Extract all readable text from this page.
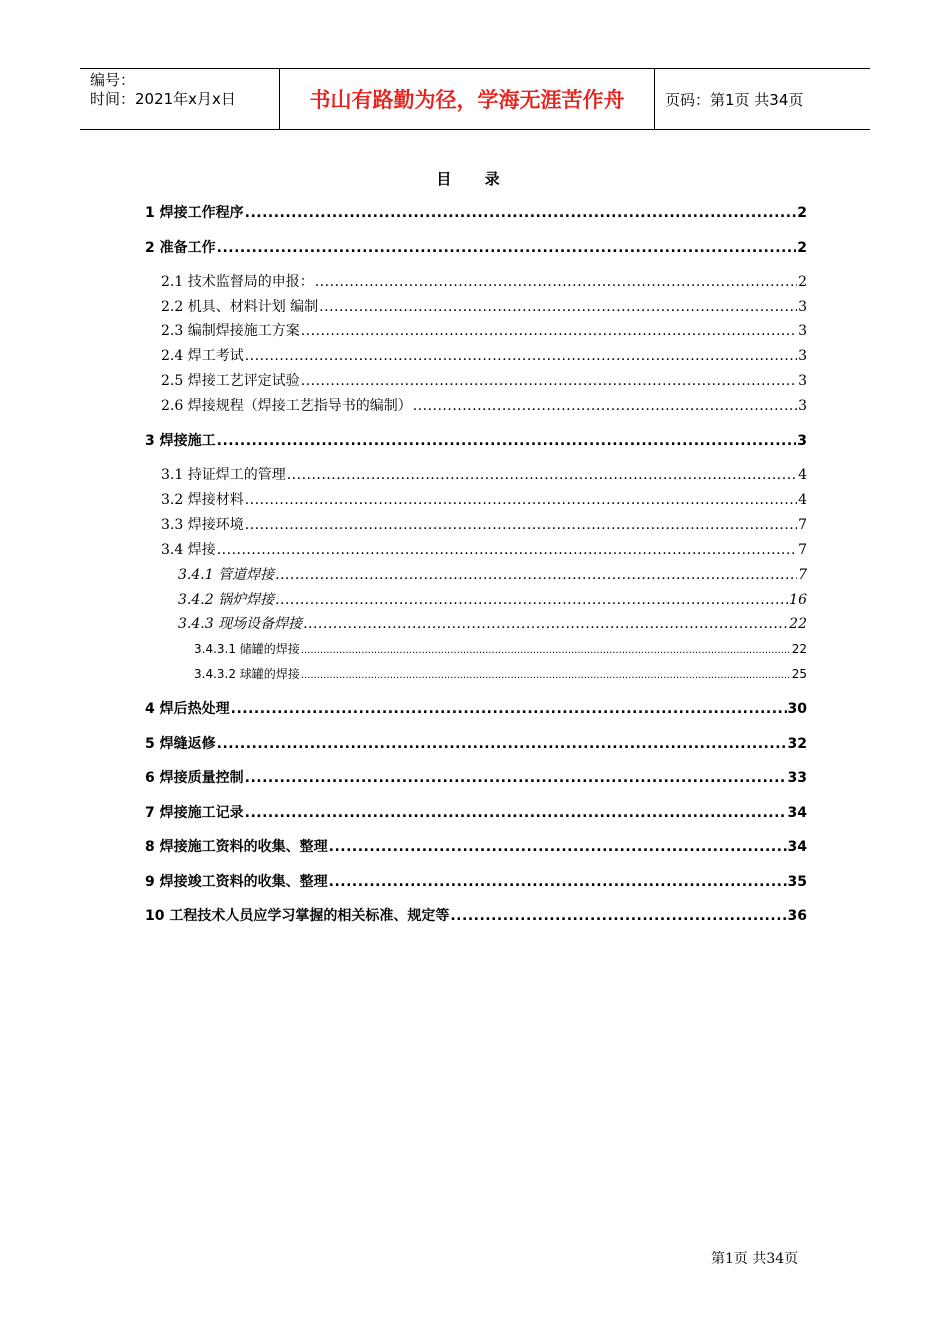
编号：
时间：2021年x月x日	书山有路勤为径，学海无涯苦作舟	页码：第1页 共34页
目 录
1 焊接工作程序 .....	2
2 准备工作 .....	2
2.1 技术监督局的申报： .....	2
2.2 机具、材料计划 编制 .....	3
2.3 编制焊接施工方案 .....	3
2.4 焊工考试 .....	3
2.5 焊接工艺评定试验 .....	3
2.6 焊接规程（焊接工艺指导书的编制） .....	3
3 焊接施工 .....	3
3.1 持证焊工的管理 .....	4
3.2 焊接材料 .....	4
3.3 焊接环境 .....	7
3.4 焊接 .....	7
3.4.1 管道焊接 .....	7
3.4.2 锅炉焊接 .....	16
3.4.3 现场设备焊接 .....	22
3.4.3.1 储罐的焊接 .....	22
3.4.3.2 球罐的焊接 .....	25
4 焊后热处理 .....	30
5 焊缝返修 .....	32
6 焊接质量控制 .....	33
7 焊接施工记录 .....	34
8 焊接施工资料的收集、整理 .....	34
9 焊接竣工资料的收集、整理 .....	35
10 工程技术人员应学习掌握的相关标准、规定等 .....	36
第1页 共34页
